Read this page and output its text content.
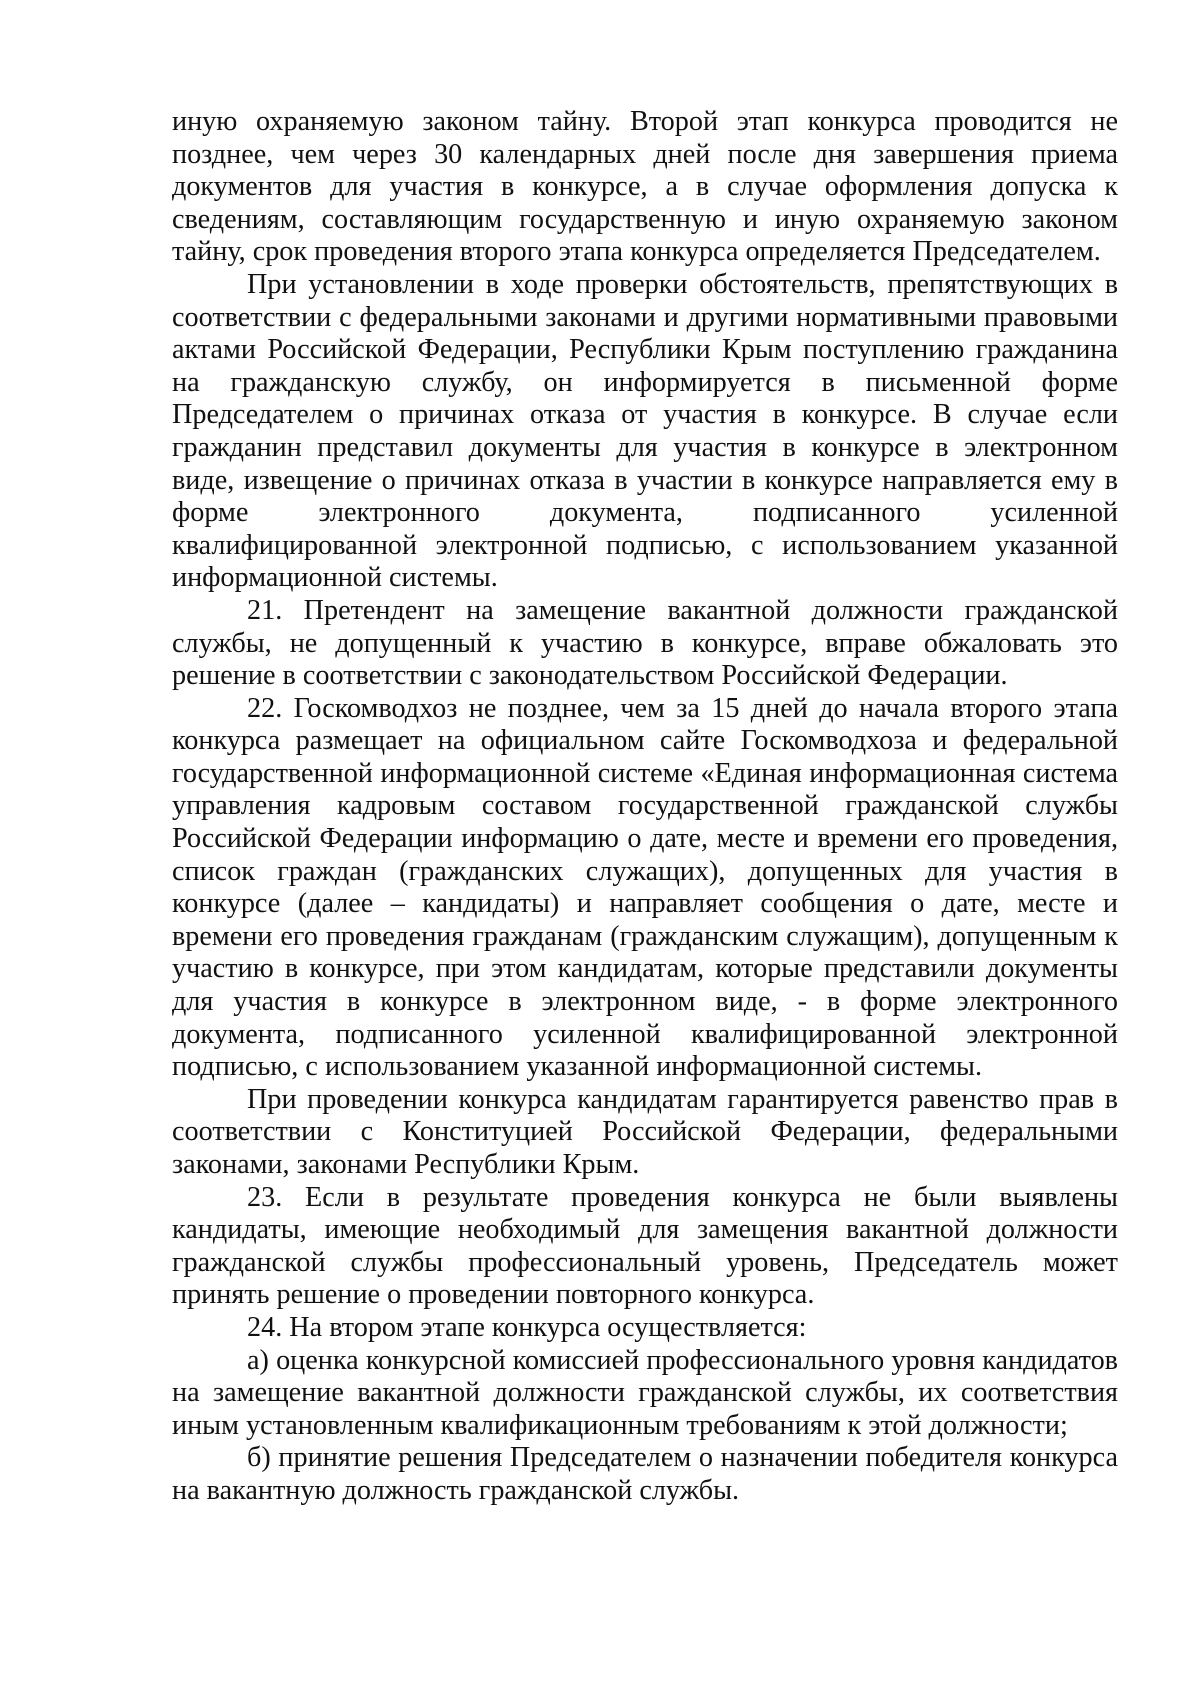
иную охраняемую законом тайну. Второй этап конкурса проводится не позднее, чем через 30 календарных дней после дня завершения приема документов для участия в конкурсе, а в случае оформления допуска к сведениям, составляющим государственную и иную охраняемую законом тайну, срок проведения второго этапа конкурса определяется Председателем.

При установлении в ходе проверки обстоятельств, препятствующих в соответствии с федеральными законами и другими нормативными правовыми актами Российской Федерации, Республики Крым поступлению гражданина на гражданскую службу, он информируется в письменной форме Председателем о причинах отказа от участия в конкурсе. В случае если гражданин представил документы для участия в конкурсе в электронном виде, извещение о причинах отказа в участии в конкурсе направляется ему в форме электронного документа, подписанного усиленной квалифицированной электронной подписью, с использованием указанной информационной системы.

21. Претендент на замещение вакантной должности гражданской службы, не допущенный к участию в конкурсе, вправе обжаловать это решение в соответствии с законодательством Российской Федерации.

22. Госкомводхоз не позднее, чем за 15 дней до начала второго этапа конкурса размещает на официальном сайте Госкомводхоза и федеральной государственной информационной системе «Единая информационная система управления кадровым составом государственной гражданской службы Российской Федерации информацию о дате, месте и времени его проведения, список граждан (гражданских служащих), допущенных для участия в конкурсе (далее – кандидаты) и направляет сообщения о дате, месте и времени его проведения гражданам (гражданским служащим), допущенным к участию в конкурсе, при этом кандидатам, которые представили документы для участия в конкурсе в электронном виде, - в форме электронного документа, подписанного усиленной квалифицированной электронной подписью, с использованием указанной информационной системы.

При проведении конкурса кандидатам гарантируется равенство прав в соответствии с Конституцией Российской Федерации, федеральными законами, законами Республики Крым.

23. Если в результате проведения конкурса не были выявлены кандидаты, имеющие необходимый для замещения вакантной должности гражданской службы профессиональный уровень, Председатель может принять решение о проведении повторного конкурса.

24. На втором этапе конкурса осуществляется:

а) оценка конкурсной комиссией профессионального уровня кандидатов на замещение вакантной должности гражданской службы, их соответствия иным установленным квалификационным требованиям к этой должности;

б) принятие решения Председателем о назначении победителя конкурса на вакантную должность гражданской службы.
